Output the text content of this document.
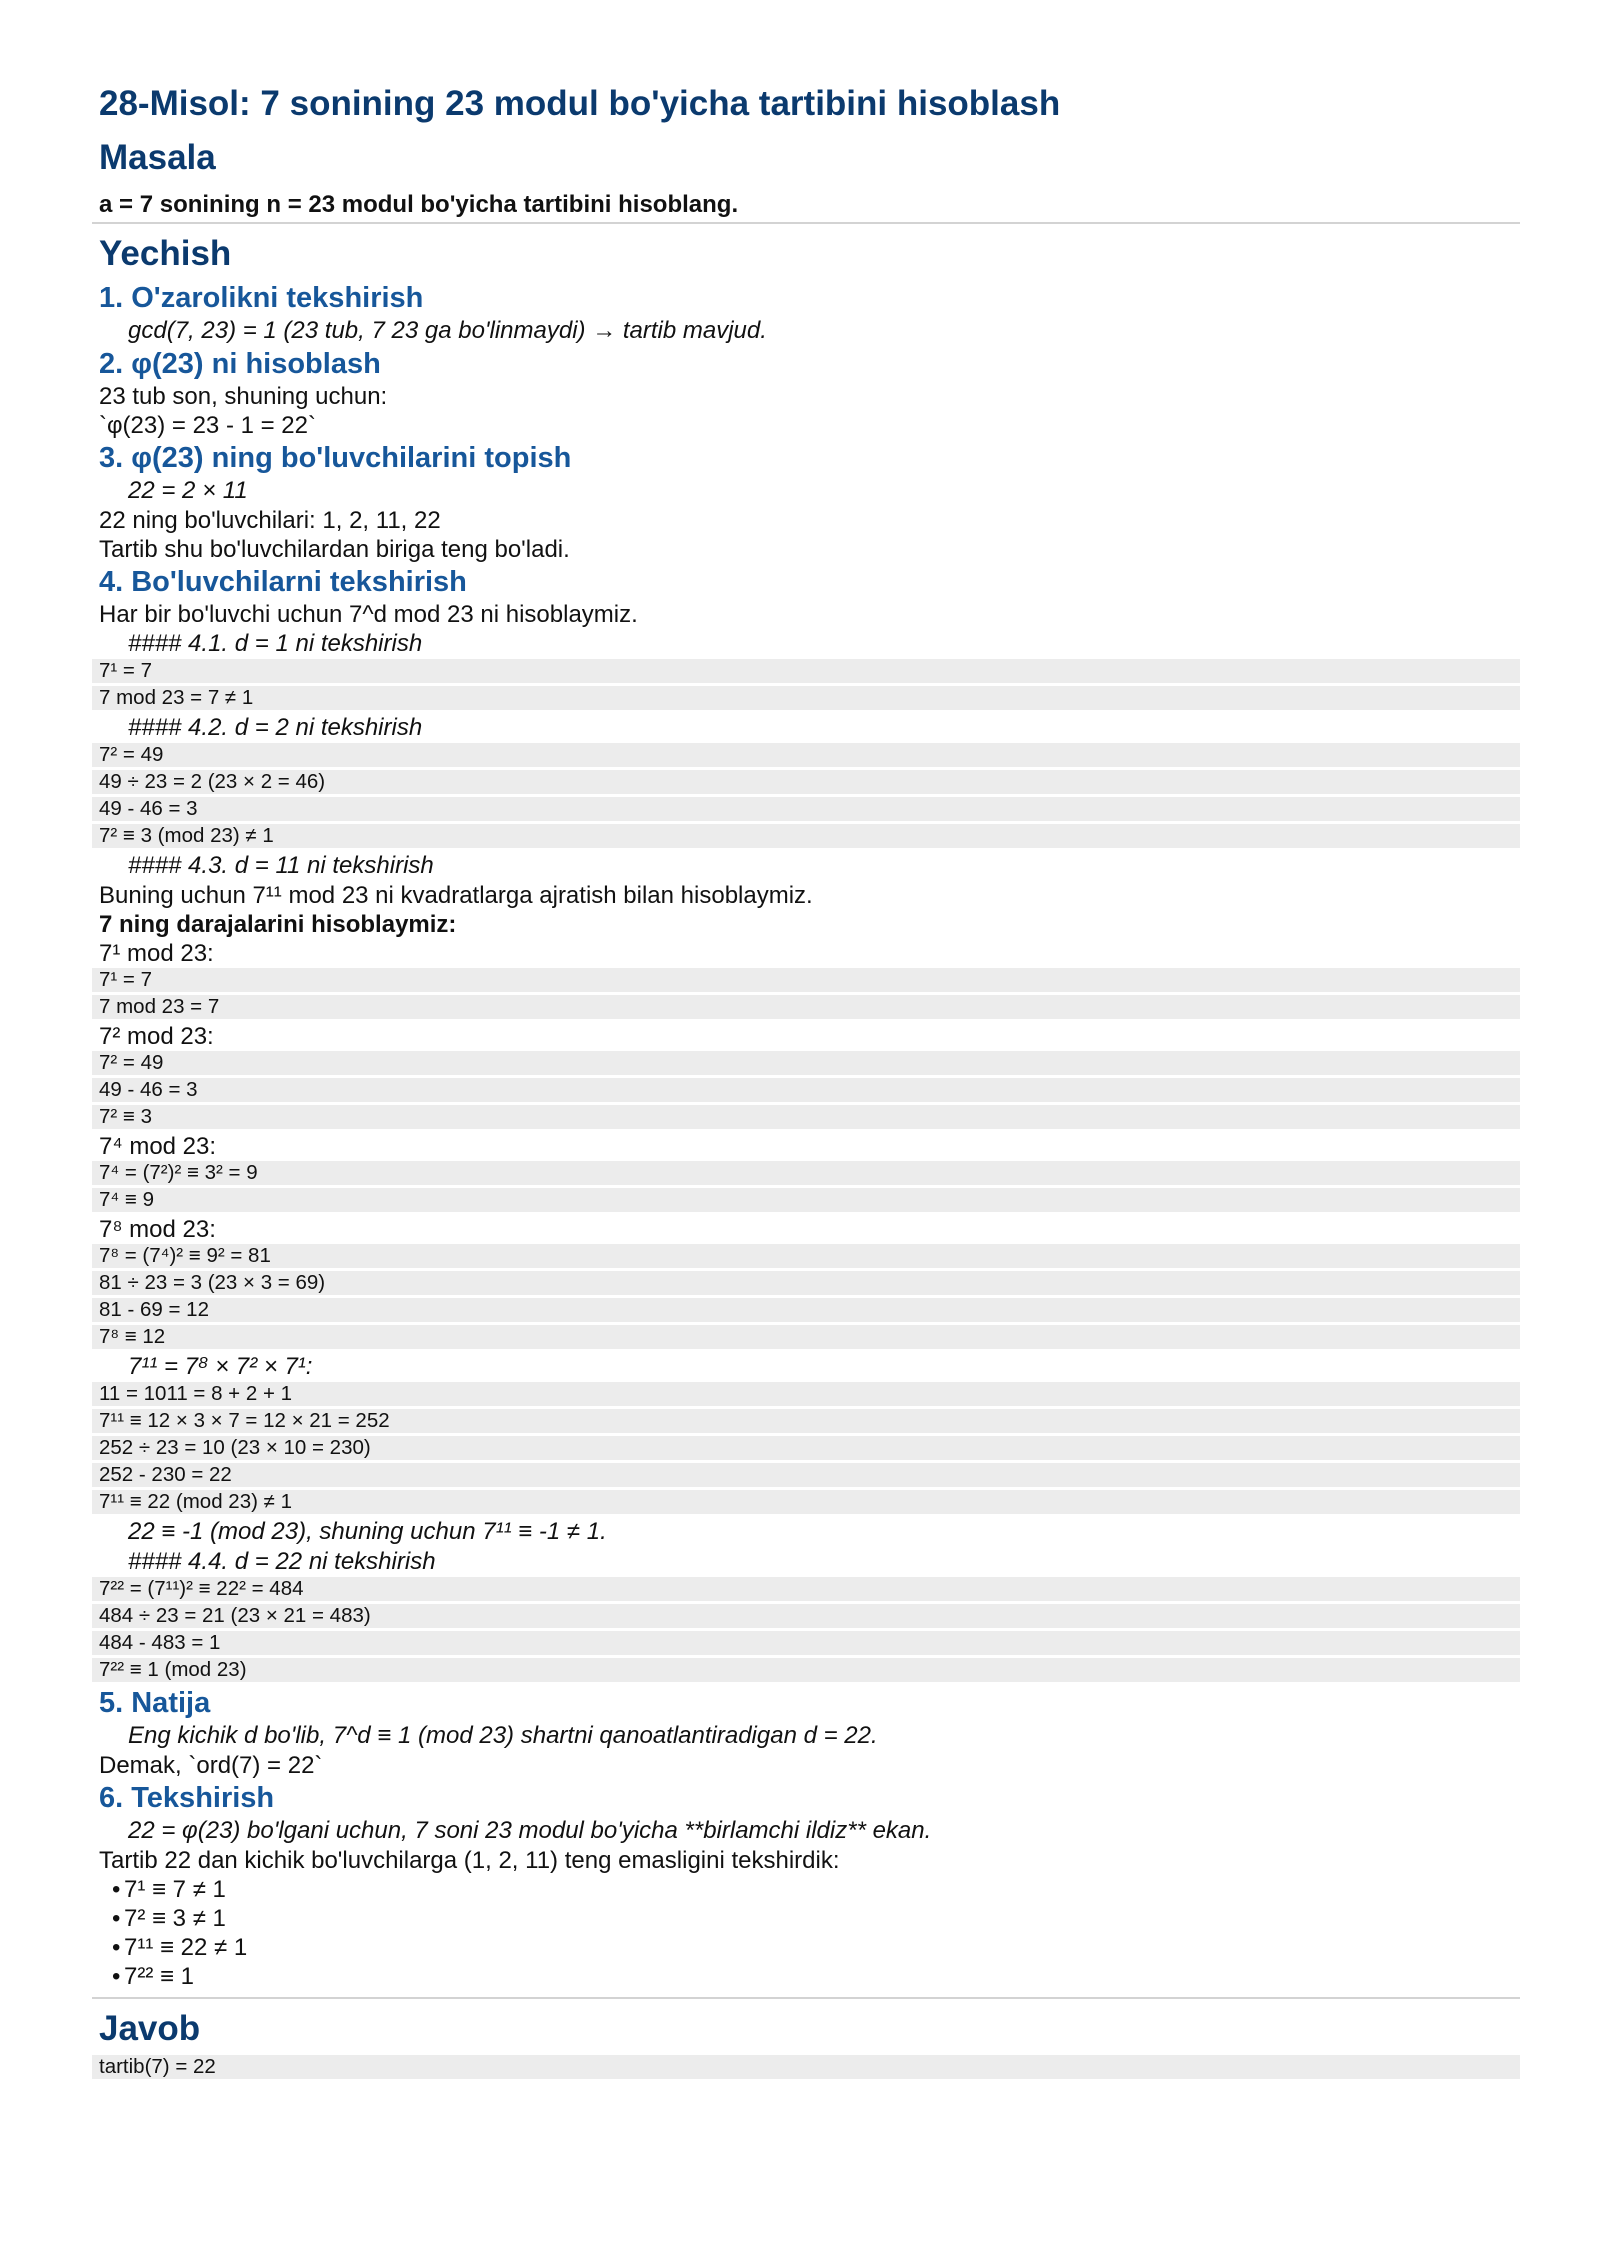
28-Misol: 7 sonining 23 modul bo'yicha tartibini hisoblash
Masala
a = 7 sonining n = 23 modul bo'yicha tartibini hisoblang.
Yechish
1. O'zarolikni tekshirish
gcd(7, 23) = 1 (23 tub, 7 23 ga bo'linmaydi) → tartib mavjud.
2. φ(23) ni hisoblash
23 tub son, shuning uchun:
`φ(23) = 23 - 1 = 22`
3. φ(23) ning bo'luvchilarini topish
22 = 2 × 11
22 ning bo'luvchilari: 1, 2, 11, 22
Tartib shu bo'luvchilardan biriga teng bo'ladi.
4. Bo'luvchilarni tekshirish
Har bir bo'luvchi uchun 7^d mod 23 ni hisoblaymiz.
#### 4.1. d = 1 ni tekshirish
7¹ = 7
7 mod 23 = 7 ≠ 1
#### 4.2. d = 2 ni tekshirish
7² = 49
49 ÷ 23 = 2 (23 × 2 = 46)
49 - 46 = 3
7² ≡ 3 (mod 23) ≠ 1
#### 4.3. d = 11 ni tekshirish
Buning uchun 7¹¹ mod 23 ni kvadratlarga ajratish bilan hisoblaymiz.
7 ning darajalarini hisoblaymiz:
7¹ mod 23:
7¹ = 7
7 mod 23 = 7
7² mod 23:
7² = 49
49 - 46 = 3
7² ≡ 3
7⁴ mod 23:
7⁴ = (7²)² ≡ 3² = 9
7⁴ ≡ 9
7⁸ mod 23:
7⁸ = (7⁴)² ≡ 9² = 81
81 ÷ 23 = 3 (23 × 3 = 69)
81 - 69 = 12
7⁸ ≡ 12
7¹¹ = 7⁸ × 7² × 7¹:
11 = 1011 = 8 + 2 + 1
7¹¹ ≡ 12 × 3 × 7 = 12 × 21 = 252
252 ÷ 23 = 10 (23 × 10 = 230)
252 - 230 = 22
7¹¹ ≡ 22 (mod 23) ≠ 1
22 ≡ -1 (mod 23), shuning uchun 7¹¹ ≡ -1 ≠ 1.
#### 4.4. d = 22 ni tekshirish
7²² = (7¹¹)² ≡ 22² = 484
484 ÷ 23 = 21 (23 × 21 = 483)
484 - 483 = 1
7²² ≡ 1 (mod 23)
5. Natija
Eng kichik d bo'lib, 7^d ≡ 1 (mod 23) shartni qanoatlantiradigan d = 22.
Demak, `ord(7) = 22`
6. Tekshirish
22 = φ(23) bo'lgani uchun, 7 soni 23 modul bo'yicha **birlamchi ildiz** ekan.
Tartib 22 dan kichik bo'luvchilarga (1, 2, 11) teng emasligini tekshirdik:
• 7¹ ≡ 7 ≠ 1
• 7² ≡ 3 ≠ 1
• 7¹¹ ≡ 22 ≠ 1
• 7²² ≡ 1
Javob
tartib(7) = 22
